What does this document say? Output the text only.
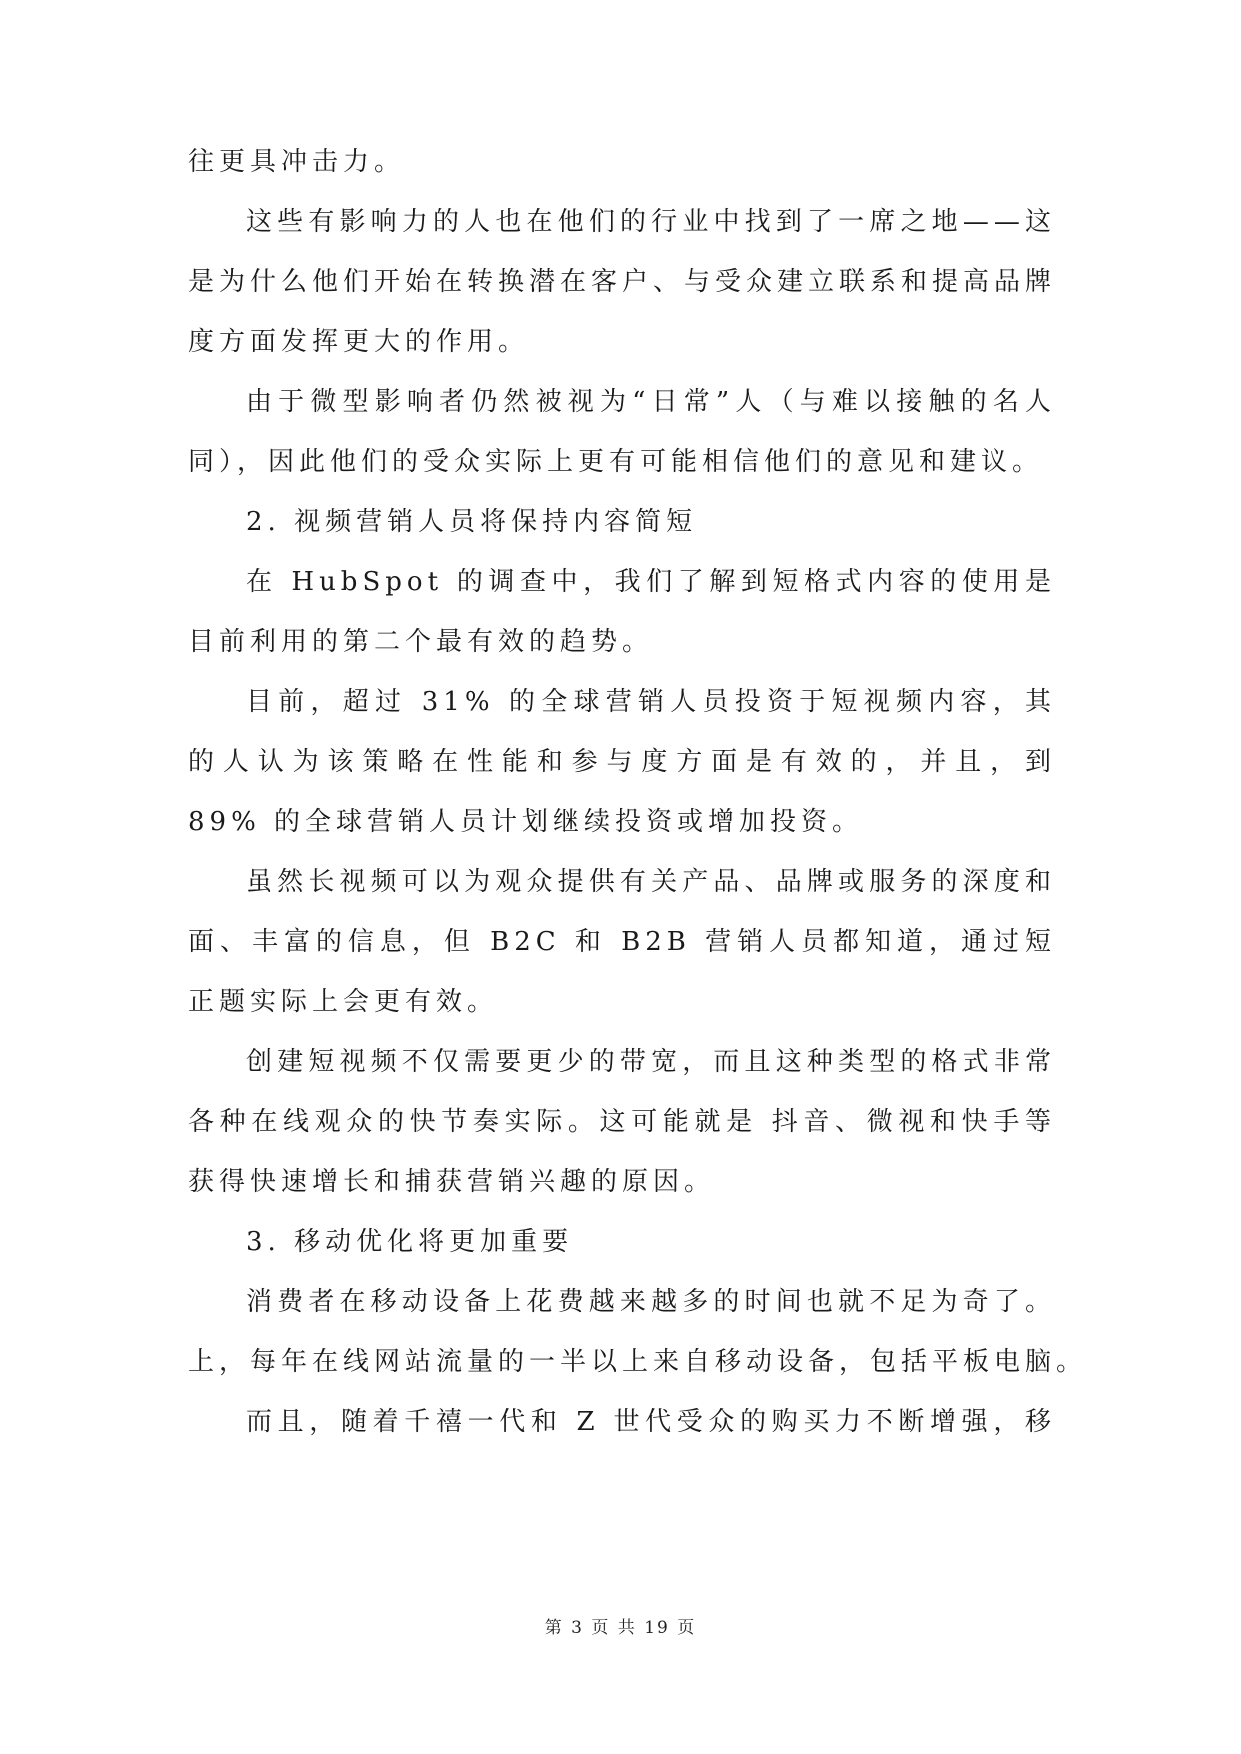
往更具冲击力。
这些有影响力的人也在他们的行业中找到了一席之地——这
是为什么他们开始在转换潜在客户、与受众建立联系和提高品牌
度方面发挥更大的作用。
由于微型影响者仍然被视为“日常”人（与难以接触的名人
同），因此他们的受众实际上更有可能相信他们的意见和建议。
2. 视频营销人员将保持内容简短
在 HubSpot 的调查中，我们了解到短格式内容的使用是
目前利用的第二个最有效的趋势。
目前，超过 31% 的全球营销人员投资于短视频内容，其
的人认为该策略在性能和参与度方面是有效的，并且，到
89% 的全球营销人员计划继续投资或增加投资。
虽然长视频可以为观众提供有关产品、品牌或服务的深度和
面、丰富的信息，但 B2C 和 B2B 营销人员都知道，通过短
正题实际上会更有效。
创建短视频不仅需要更少的带宽，而且这种类型的格式非常
各种在线观众的快节奏实际。这可能就是 抖音、微视和快手等
获得快速增长和捕获营销兴趣的原因。
3. 移动优化将更加重要
消费者在移动设备上花费越来越多的时间也就不足为奇了。
上，每年在线网站流量的一半以上来自移动设备，包括平板电脑。
而且，随着千禧一代和 Z 世代受众的购买力不断增强，移
第 3 页 共 19 页
